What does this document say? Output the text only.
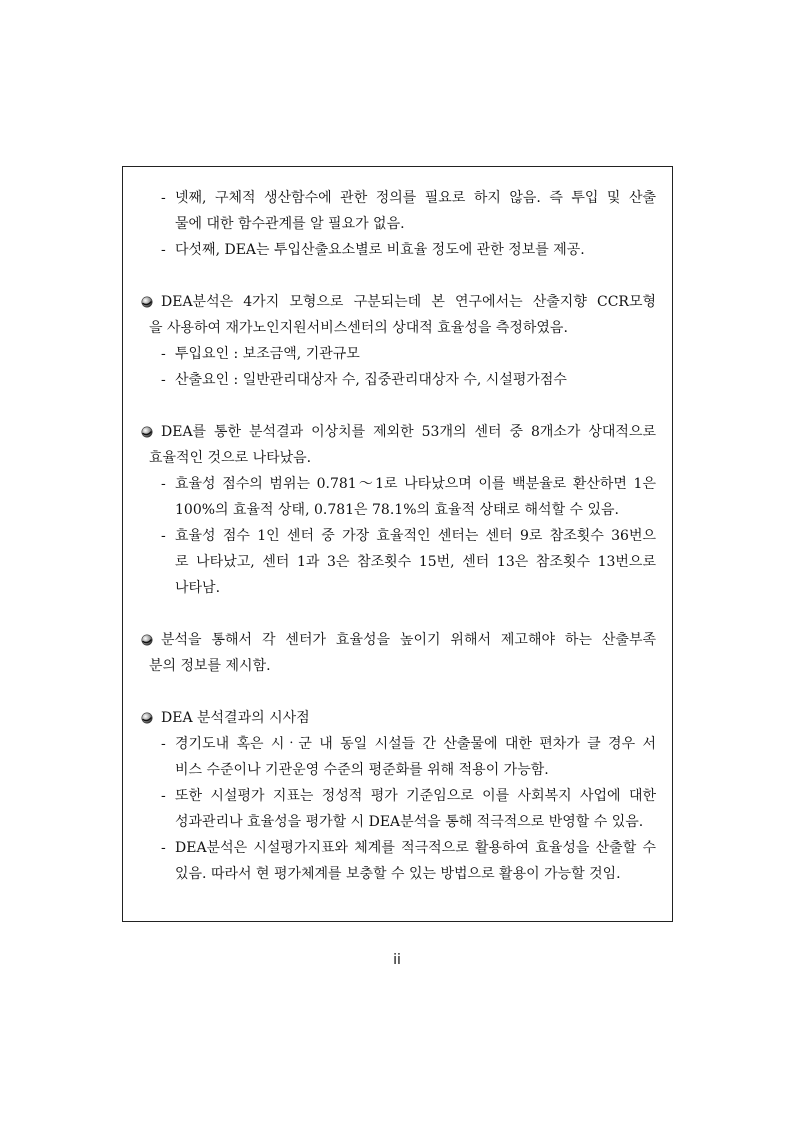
- 넷째, 구체적 생산함수에 관한 정의를 필요로 하지 않음. 즉 투입 및 산출
물에 대한 함수관계를 알 필요가 없음.
- 다섯째, DEA는 투입산출요소별로 비효율 정도에 관한 정보를 제공.
DEA분석은 4가지 모형으로 구분되는데 본 연구에서는 산출지향 CCR모형
을 사용하여 재가노인지원서비스센터의 상대적 효율성을 측정하였음.
- 투입요인 : 보조금액, 기관규모
- 산출요인 : 일반관리대상자 수, 집중관리대상자 수, 시설평가점수
DEA를 통한 분석결과 이상치를 제외한 53개의 센터 중 8개소가 상대적으로
효율적인 것으로 나타났음.
- 효율성 점수의 범위는 0.781～1로 나타났으며 이를 백분율로 환산하면 1은
100%의 효율적 상태, 0.781은 78.1%의 효율적 상태로 해석할 수 있음.
- 효율성 점수 1인 센터 중 가장 효율적인 센터는 센터 9로 참조횟수 36번으
로 나타났고, 센터 1과 3은 참조횟수 15번, 센터 13은 참조횟수 13번으로
나타남.
분석을 통해서 각 센터가 효율성을 높이기 위해서 제고해야 하는 산출부족
분의 정보를 제시함.
DEA 분석결과의 시사점
- 경기도내 혹은 시‧군 내 동일 시설들 간 산출물에 대한 편차가 클 경우 서
비스 수준이나 기관운영 수준의 평준화를 위해 적용이 가능함.
- 또한 시설평가 지표는 정성적 평가 기준임으로 이를 사회복지 사업에 대한
성과관리나 효율성을 평가할 시 DEA분석을 통해 적극적으로 반영할 수 있음.
- DEA분석은 시설평가지표와 체계를 적극적으로 활용하여 효율성을 산출할 수
있음. 따라서 현 평가체계를 보충할 수 있는 방법으로 활용이 가능할 것임.
ii
